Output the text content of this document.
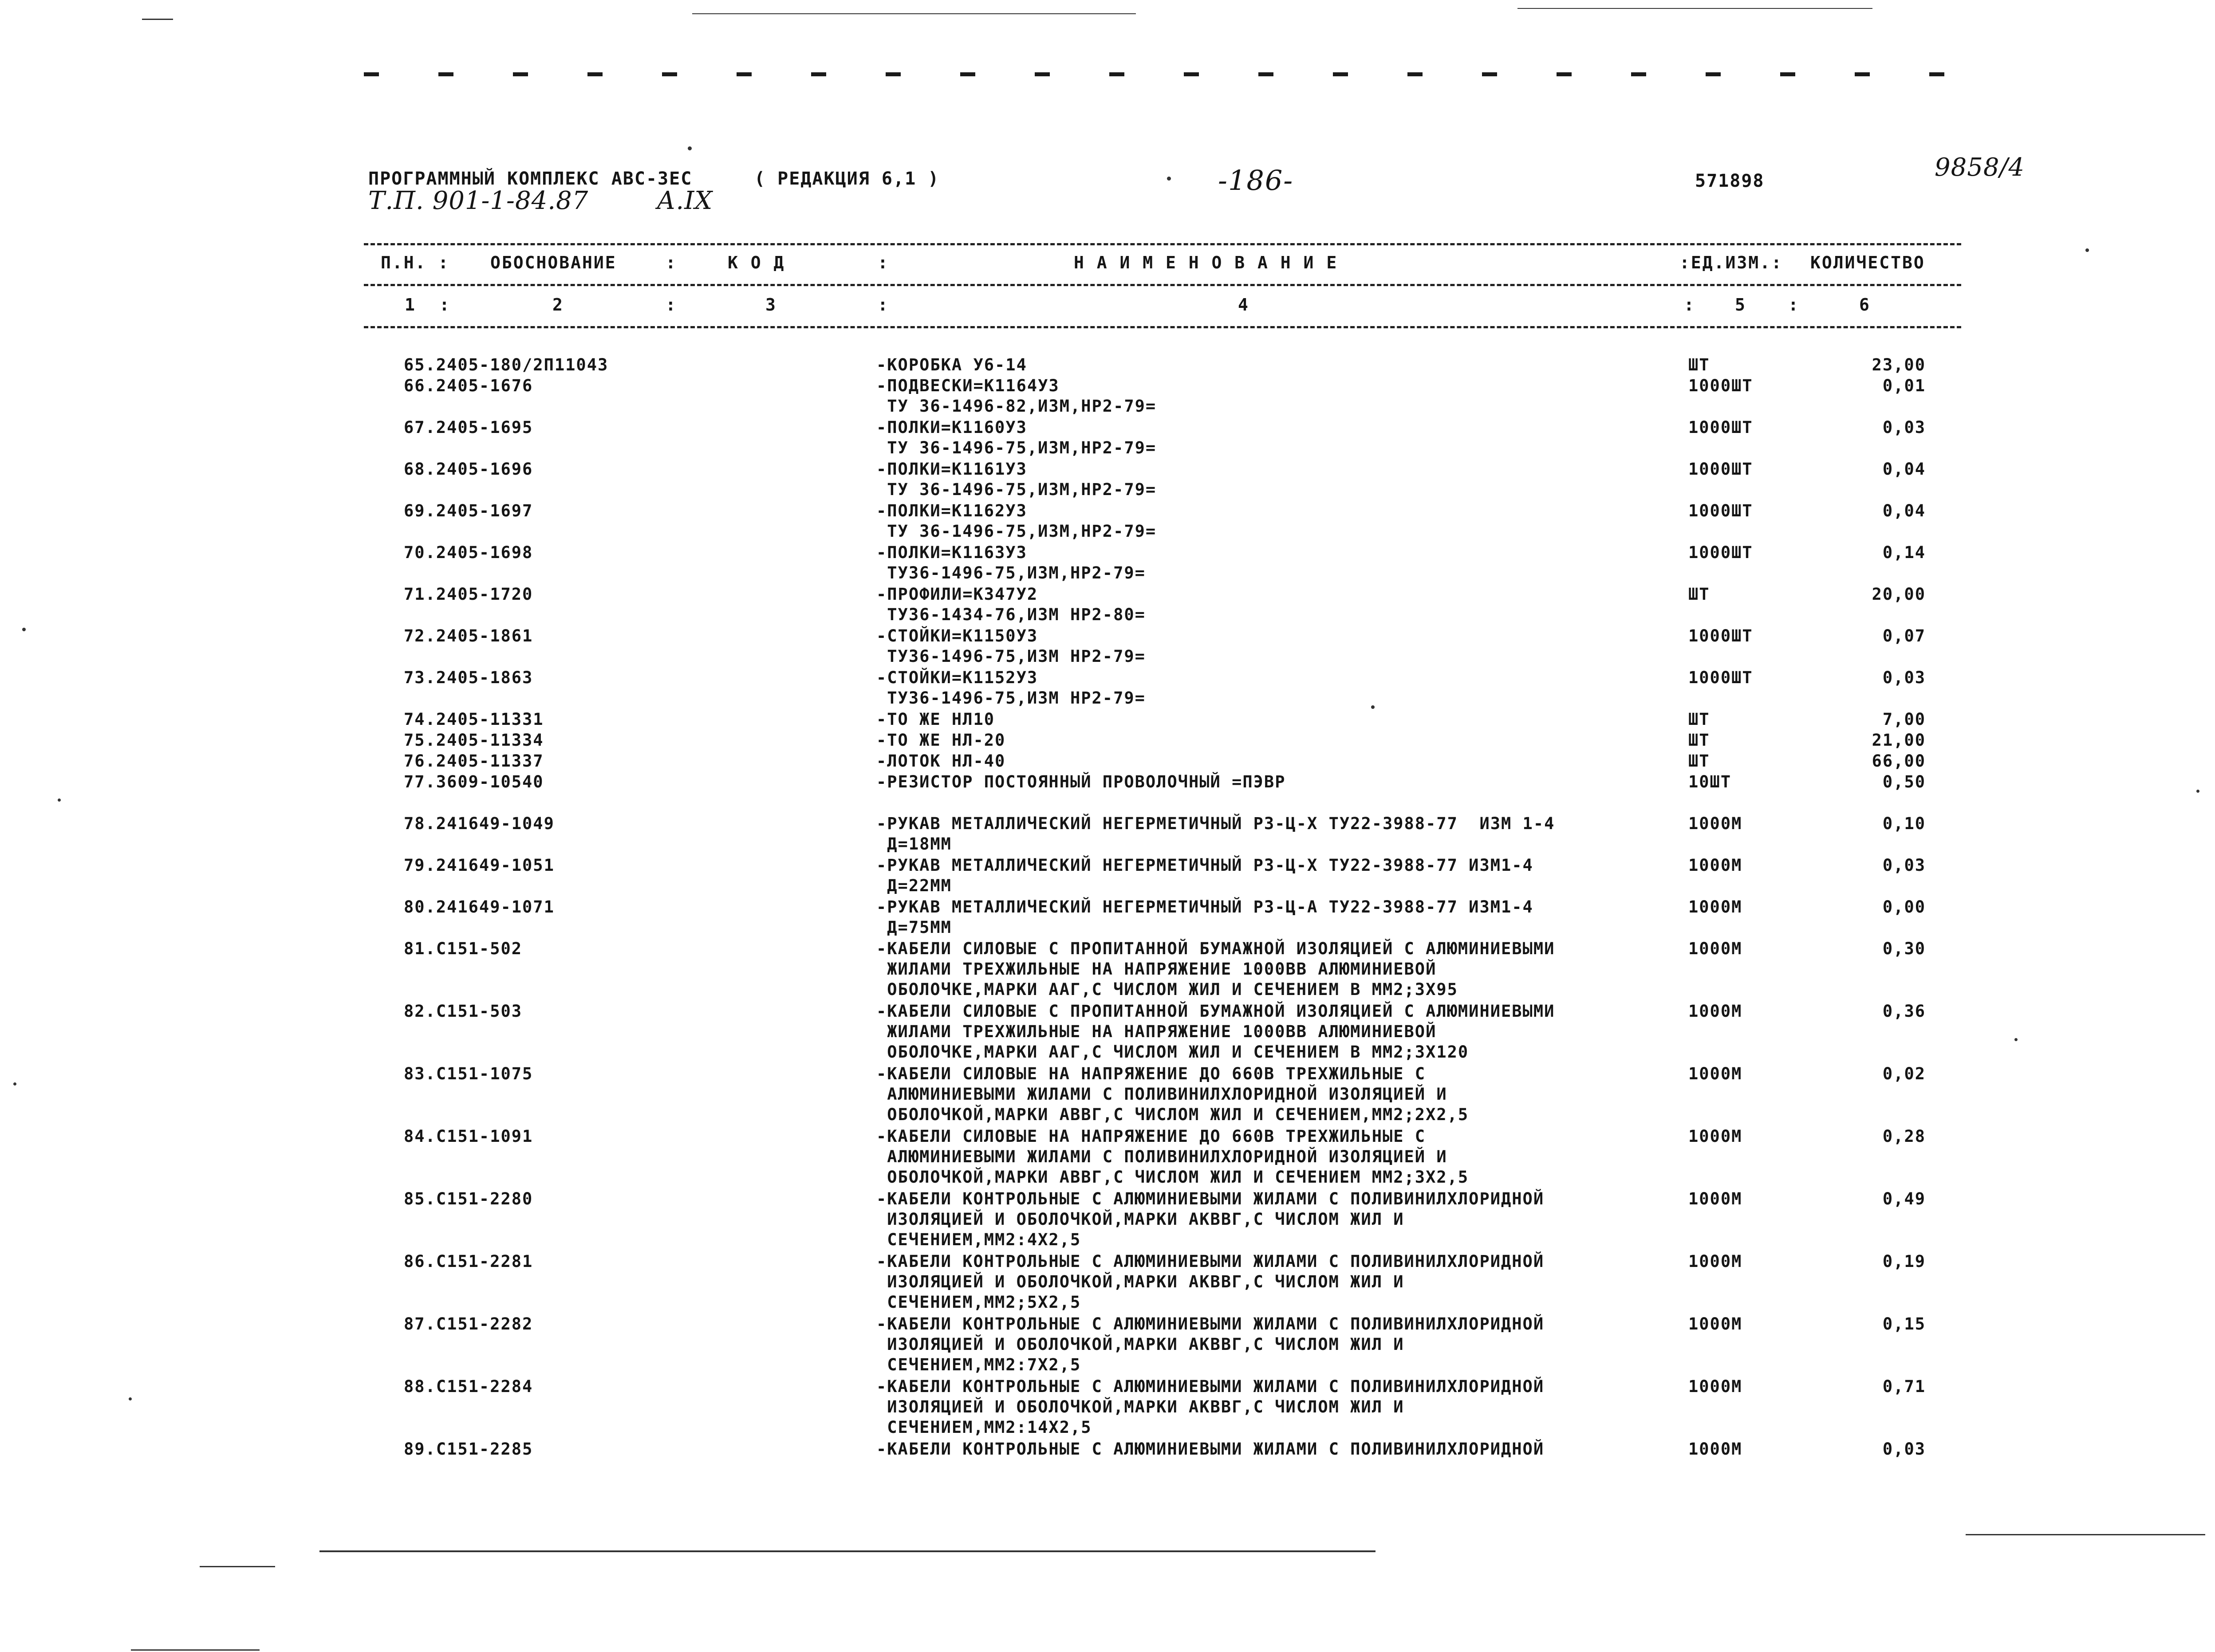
ПРОГРАММНЫЙ КОМПЛЕКС АВС-3ЕС	( РЕДАКЦИЯ 6,1 )	-186-	571898	9858/4
Т.П. 901-1-84.87	А.IX
П.Н. : ОБОСНОВАНИЕ	:	К О Д	:	Н А И М Е Н О В А Н И Е	:ЕД.ИЗМ.: КОЛИЧЕСТВО
1 :	2	:	3	:	4	: 5 :	6
65.2405-180/2П11043	-КОРОБКА У6-14	ШТ	23,00
66.2405-1676	-ПОДВЕСКИ=К1164У3
ТУ 36-1496-82,ИЗМ,НР2-79=
1000ШТ	0,01
67.2405-1695	-ПОЛКИ=К1160У3
ТУ 36-1496-75,ИЗМ,НР2-79=
1000ШТ	0,03
68.2405-1696	-ПОЛКИ=К1161У3
ТУ 36-1496-75,ИЗМ,НР2-79=
1000ШТ	0,04
69.2405-1697	-ПОЛКИ=К1162У3
ТУ 36-1496-75,ИЗМ,НР2-79=
1000ШТ	0,04
70.2405-1698	-ПОЛКИ=К1163У3
ТУ36-1496-75,ИЗМ,НР2-79=
1000ШТ	0,14
71.2405-1720	-ПРОФИЛИ=К347У2
ТУ36-1434-76,ИЗМ НР2-80=
ШТ	20,00
72.2405-1861	-СТОЙКИ=К1150У3
ТУ36-1496-75,ИЗМ НР2-79=
1000ШТ	0,07
73.2405-1863	-СТОЙКИ=К1152У3
ТУ36-1496-75,ИЗМ НР2-79=
1000ШТ	0,03
74.2405-11331	-ТО ЖЕ НЛ10	ШТ	7,00
75.2405-11334	-ТО ЖЕ НЛ-20	ШТ	21,00
76.2405-11337	-ЛОТОК НЛ-40	ШТ	66,00
77.3609-10540	-РЕЗИСТОР ПОСТОЯННЫЙ ПРОВОЛОЧНЫЙ =ПЭВР	10ШТ	0,50
78.241649-1049	-РУКАВ МЕТАЛЛИЧЕСКИЙ НЕГЕРМЕТИЧНЫЙ РЗ-Ц-Х ТУ22-3988-77  ИЗМ 1-4
Д=18ММ
1000М	0,10
79.241649-1051	-РУКАВ МЕТАЛЛИЧЕСКИЙ НЕГЕРМЕТИЧНЫЙ РЗ-Ц-Х ТУ22-3988-77 ИЗМ1-4
Д=22ММ
1000М	0,03
80.241649-1071	-РУКАВ МЕТАЛЛИЧЕСКИЙ НЕГЕРМЕТИЧНЫЙ РЗ-Ц-А ТУ22-3988-77 ИЗМ1-4
Д=75ММ
1000М	0,00
81.С151-502	-КАБЕЛИ СИЛОВЫЕ С ПРОПИТАННОЙ БУМАЖНОЙ ИЗОЛЯЦИЕЙ С АЛЮМИНИЕВЫМИ
ЖИЛАМИ ТРЕХЖИЛЬНЫЕ НА НАПРЯЖЕНИЕ 1000ВВ АЛЮМИНИЕВОЙ
ОБОЛОЧКЕ,МАРКИ ААГ,С ЧИСЛОМ ЖИЛ И СЕЧЕНИЕМ В ММ2;3Х95
1000М	0,30
82.С151-503	-КАБЕЛИ СИЛОВЫЕ С ПРОПИТАННОЙ БУМАЖНОЙ ИЗОЛЯЦИЕЙ С АЛЮМИНИЕВЫМИ
ЖИЛАМИ ТРЕХЖИЛЬНЫЕ НА НАПРЯЖЕНИЕ 1000ВВ АЛЮМИНИЕВОЙ
ОБОЛОЧКЕ,МАРКИ ААГ,С ЧИСЛОМ ЖИЛ И СЕЧЕНИЕМ В ММ2;3Х120
1000М	0,36
83.С151-1075	-КАБЕЛИ СИЛОВЫЕ НА НАПРЯЖЕНИЕ ДО 660В ТРЕХЖИЛЬНЫЕ С
АЛЮМИНИЕВЫМИ ЖИЛАМИ С ПОЛИВИНИЛХЛОРИДНОЙ ИЗОЛЯЦИЕЙ И
ОБОЛОЧКОЙ,МАРКИ АВВГ,С ЧИСЛОМ ЖИЛ И СЕЧЕНИЕМ,ММ2;2Х2,5
1000М	0,02
84.С151-1091	-КАБЕЛИ СИЛОВЫЕ НА НАПРЯЖЕНИЕ ДО 660В ТРЕХЖИЛЬНЫЕ С
АЛЮМИНИЕВЫМИ ЖИЛАМИ С ПОЛИВИНИЛХЛОРИДНОЙ ИЗОЛЯЦИЕЙ И
ОБОЛОЧКОЙ,МАРКИ АВВГ,С ЧИСЛОМ ЖИЛ И СЕЧЕНИЕМ ММ2;3Х2,5
1000М	0,28
85.С151-2280	-КАБЕЛИ КОНТРОЛЬНЫЕ С АЛЮМИНИЕВЫМИ ЖИЛАМИ С ПОЛИВИНИЛХЛОРИДНОЙ
ИЗОЛЯЦИЕЙ И ОБОЛОЧКОЙ,МАРКИ АКВВГ,С ЧИСЛОМ ЖИЛ И
СЕЧЕНИЕМ,ММ2:4Х2,5
1000М	0,49
86.С151-2281	-КАБЕЛИ КОНТРОЛЬНЫЕ С АЛЮМИНИЕВЫМИ ЖИЛАМИ С ПОЛИВИНИЛХЛОРИДНОЙ
ИЗОЛЯЦИЕЙ И ОБОЛОЧКОЙ,МАРКИ АКВВГ,С ЧИСЛОМ ЖИЛ И
СЕЧЕНИЕМ,ММ2;5Х2,5
1000М	0,19
87.С151-2282	-КАБЕЛИ КОНТРОЛЬНЫЕ С АЛЮМИНИЕВЫМИ ЖИЛАМИ С ПОЛИВИНИЛХЛОРИДНОЙ
ИЗОЛЯЦИЕЙ И ОБОЛОЧКОЙ,МАРКИ АКВВГ,С ЧИСЛОМ ЖИЛ И
СЕЧЕНИЕМ,ММ2:7Х2,5
1000М	0,15
88.С151-2284	-КАБЕЛИ КОНТРОЛЬНЫЕ С АЛЮМИНИЕВЫМИ ЖИЛАМИ С ПОЛИВИНИЛХЛОРИДНОЙ
ИЗОЛЯЦИЕЙ И ОБОЛОЧКОЙ,МАРКИ АКВВГ,С ЧИСЛОМ ЖИЛ И
СЕЧЕНИЕМ,ММ2:14Х2,5
1000М	0,71
89.С151-2285	-КАБЕЛИ КОНТРОЛЬНЫЕ С АЛЮМИНИЕВЫМИ ЖИЛАМИ С ПОЛИВИНИЛХЛОРИДНОЙ	1000М	0,03
